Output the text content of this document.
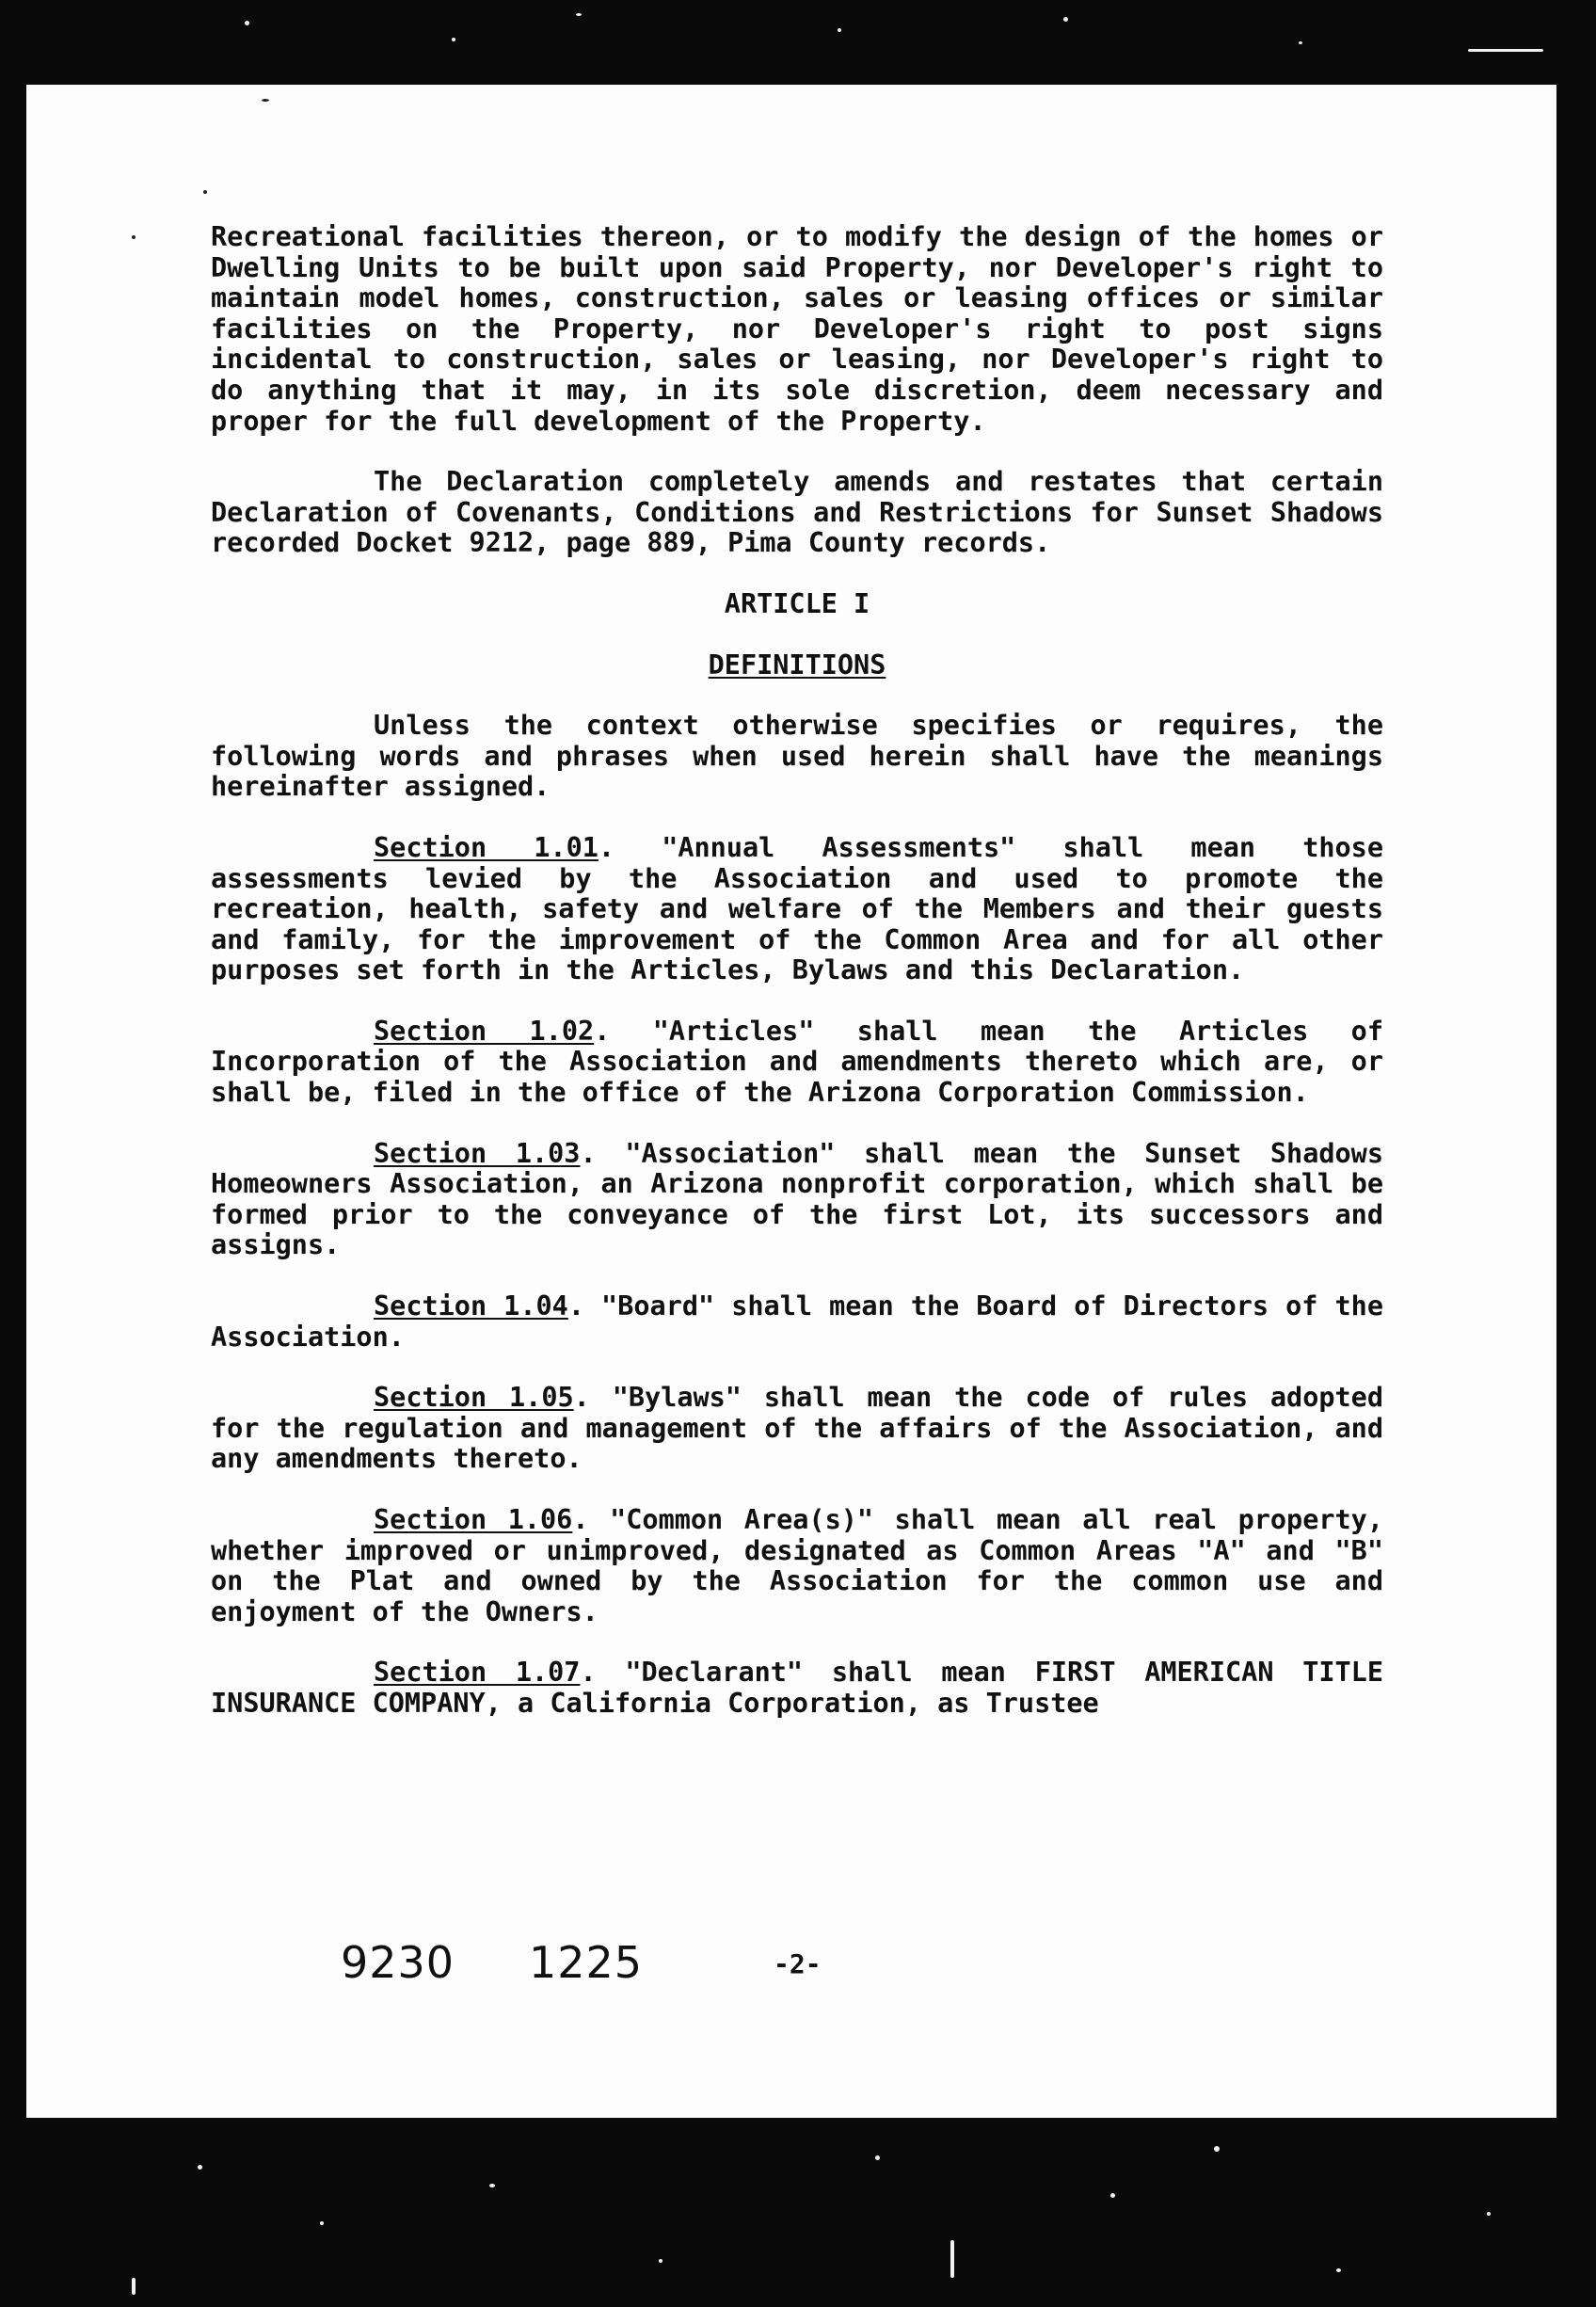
Recreational facilities thereon, or to modify the design of the homes or Dwelling Units to be built upon said Property, nor Developer's right to maintain model homes, construction, sales or leasing offices or similar facilities on the Property, nor Developer's right to post signs incidental to construction, sales or leasing, nor Developer's right to do anything that it may, in its sole discretion, deem necessary and proper for the full development of the Property.

The Declaration completely amends and restates that certain Declaration of Covenants, Conditions and Restrictions for Sunset Shadows recorded Docket 9212, page 889, Pima County records.

ARTICLE I

DEFINITIONS

Unless the context otherwise specifies or requires, the following words and phrases when used herein shall have the meanings hereinafter assigned.

Section 1.01. "Annual Assessments" shall mean those assessments levied by the Association and used to promote the recreation, health, safety and welfare of the Members and their guests and family, for the improvement of the Common Area and for all other purposes set forth in the Articles, Bylaws and this Declaration.

Section 1.02. "Articles" shall mean the Articles of Incorporation of the Association and amendments thereto which are, or shall be, filed in the office of the Arizona Corporation Commission.

Section 1.03. "Association" shall mean the Sunset Shadows Homeowners Association, an Arizona nonprofit corporation, which shall be formed prior to the conveyance of the first Lot, its successors and assigns.

Section 1.04. "Board" shall mean the Board of Directors of the Association.

Section 1.05. "Bylaws" shall mean the code of rules adopted for the regulation and management of the affairs of the Association, and any amendments thereto.

Section 1.06. "Common Area(s)" shall mean all real property, whether improved or unimproved, designated as Common Areas "A" and "B" on the Plat and owned by the Association for the common use and enjoyment of the Owners.

Section 1.07. "Declarant" shall mean FIRST AMERICAN TITLE INSURANCE COMPANY, a California Corporation, as Trustee

9230 1225	-2-
